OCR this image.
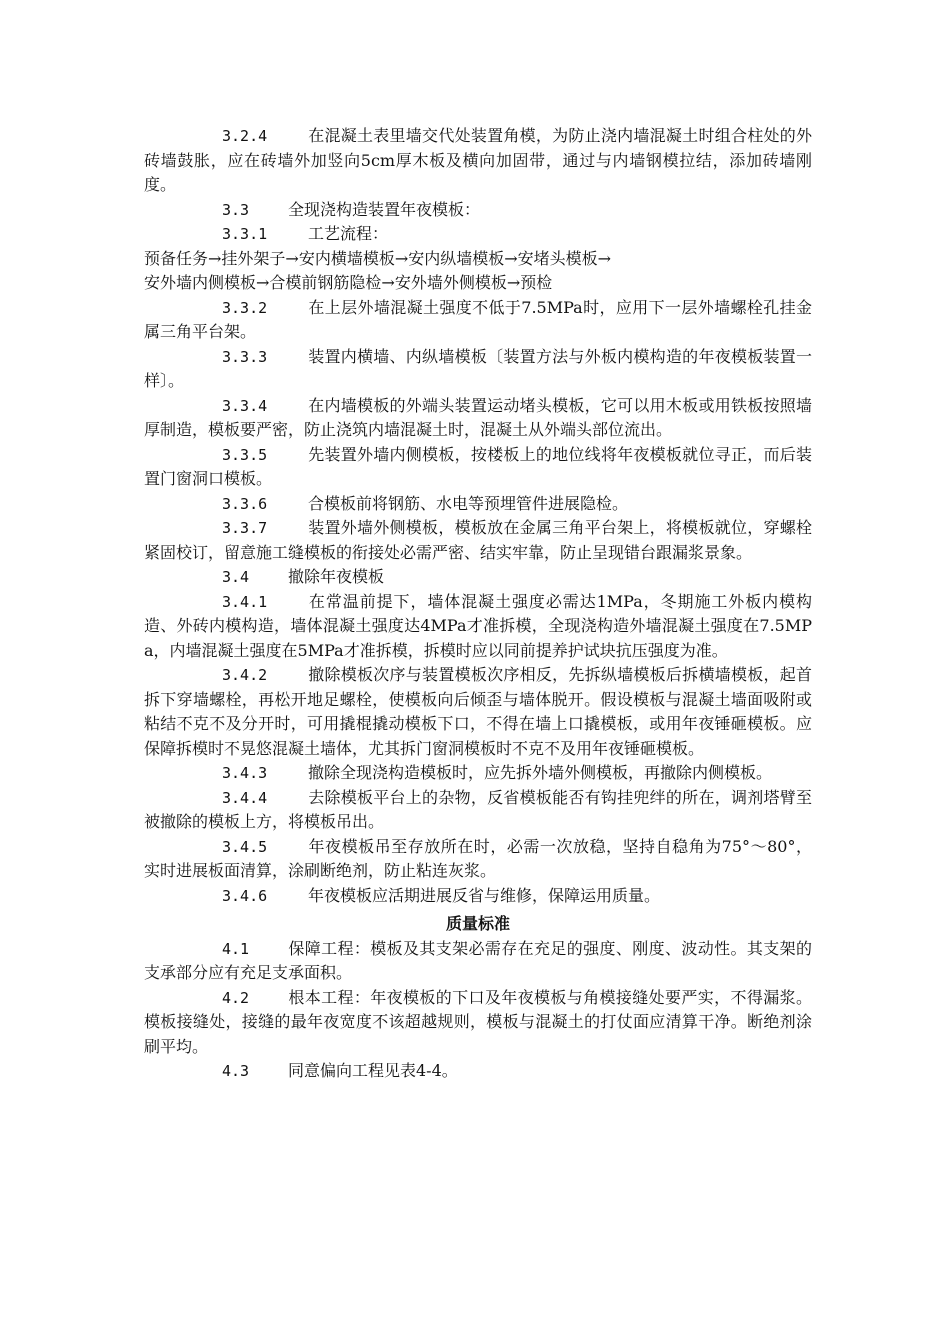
3.2.4	在混凝土表里墙交代处装置角模，为防止浇内墙混凝土时组合柱处的外砖墙鼓胀，应在砖墙外加竖向5cm厚木板及横向加固带，通过与内墙钢模拉结，添加砖墙刚度。

3.3 全现浇构造装置年夜模板：

3.3.1	工艺流程：

预备任务→挂外架子→安内横墙模板→安内纵墙模板→安堵头模板→

安外墙内侧模板→合模前钢筋隐检→安外墙外侧模板→预检

3.3.2	在上层外墙混凝土强度不低于7.5MPa时，应用下一层外墙螺栓孔挂金属三角平台架。

3.3.3	装置内横墙、内纵墙模板〔装置方法与外板内模构造的年夜模板装置一样〕。

3.3.4	在内墙模板的外端头装置运动堵头模板，它可以用木板或用铁板按照墙厚制造，模板要严密，防止浇筑内墙混凝土时，混凝土从外端头部位流出。

3.3.5	先装置外墙内侧模板，按楼板上的地位线将年夜模板就位寻正，而后装置门窗洞口模板。

3.3.6	合模板前将钢筋、水电等预埋管件进展隐检。

3.3.7	装置外墙外侧模板，模板放在金属三角平台架上，将模板就位，穿螺栓紧固校订，留意施工缝模板的衔接处必需严密、结实牢靠，防止呈现错台跟漏浆景象。

3.4 撤除年夜模板

3.4.1	在常温前提下，墙体混凝土强度必需达1MPa，冬期施工外板内模构造、外砖内模构造，墙体混凝土强度达4MPa才准拆模，全现浇构造外墙混凝土强度在7.5MPa，内墙混凝土强度在5MPa才准拆模，拆模时应以同前提养护试块抗压强度为准。

3.4.2	撤除模板次序与装置模板次序相反，先拆纵墙模板后拆横墙模板，起首拆下穿墙螺栓，再松开地足螺栓，使模板向后倾歪与墙体脱开。假设模板与混凝土墙面吸附或粘结不克不及分开时，可用撬棍撬动模板下口，不得在墙上口撬模板，或用年夜锤砸模板。应保障拆模时不晃悠混凝土墙体，尤其拆门窗洞模板时不克不及用年夜锤砸模板。

3.4.3	撤除全现浇构造模板时，应先拆外墙外侧模板，再撤除内侧模板。

3.4.4	去除模板平台上的杂物，反省模板能否有钩挂兜绊的所在，调剂塔臂至被撤除的模板上方，将模板吊出。

3.4.5	年夜模板吊至存放所在时，必需一次放稳，坚持自稳角为75°～80°，实时进展板面清算，涂刷断绝剂，防止粘连灰浆。

3.4.6	年夜模板应活期进展反省与维修，保障运用质量。

质量标准

4.1 保障工程：模板及其支架必需存在充足的强度、刚度、波动性。其支架的支承部分应有充足支承面积。

4.2 根本工程：年夜模板的下口及年夜模板与角模接缝处要严实，不得漏浆。模板接缝处，接缝的最年夜宽度不该超越规则，模板与混凝土的打仗面应清算干净。断绝剂涂刷平均。

4.3 同意偏向工程见表4-4。
